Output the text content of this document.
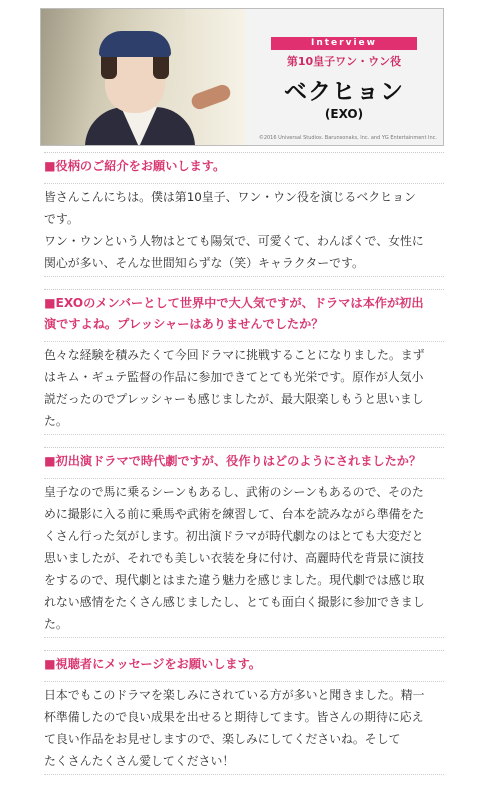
Interview
第10皇子ワン・ウン役
ベクヒョン
(EXO)
©2016 Universal Studios. Barunsonaks, Inc. and YG Entertainment Inc.
■役柄のご紹介をお願いします。
皆さんこんにちは。僕は第10皇子、ワン・ウン役を演じるベクヒョン
です。
ワン・ウンという人物はとても陽気で、可愛くて、わんぱくで、女性に
関心が多い、そんな世間知らずな（笑）キャラクターです。
■EXOのメンバーとして世界中で大人気ですが、ドラマは本作が初出
演ですよね。プレッシャーはありませんでしたか？
色々な経験を積みたくて今回ドラマに挑戦することになりました。まず
はキム・ギュテ監督の作品に参加できてとても光栄です。原作が人気小
説だったのでプレッシャーも感じましたが、最大限楽しもうと思いまし
た。
■初出演ドラマで時代劇ですが、役作りはどのようにされましたか？
皇子なので馬に乗るシーンもあるし、武術のシーンもあるので、そのた
めに撮影に入る前に乗馬や武術を練習して、台本を読みながら準備をた
くさん行った気がします。初出演ドラマが時代劇なのはとても大変だと
思いましたが、それでも美しい衣装を身に付け、高麗時代を背景に演技
をするので、現代劇とはまた違う魅力を感じました。現代劇では感じ取
れない感情をたくさん感じましたし、とても面白く撮影に参加できまし
た。
■視聴者にメッセージをお願いします。
日本でもこのドラマを楽しみにされている方が多いと聞きました。精一
杯準備したので良い成果を出せると期待してます。皆さんの期待に応え
て良い作品をお見せしますので、楽しみにしてくださいね。そして
たくさんたくさん愛してください！
